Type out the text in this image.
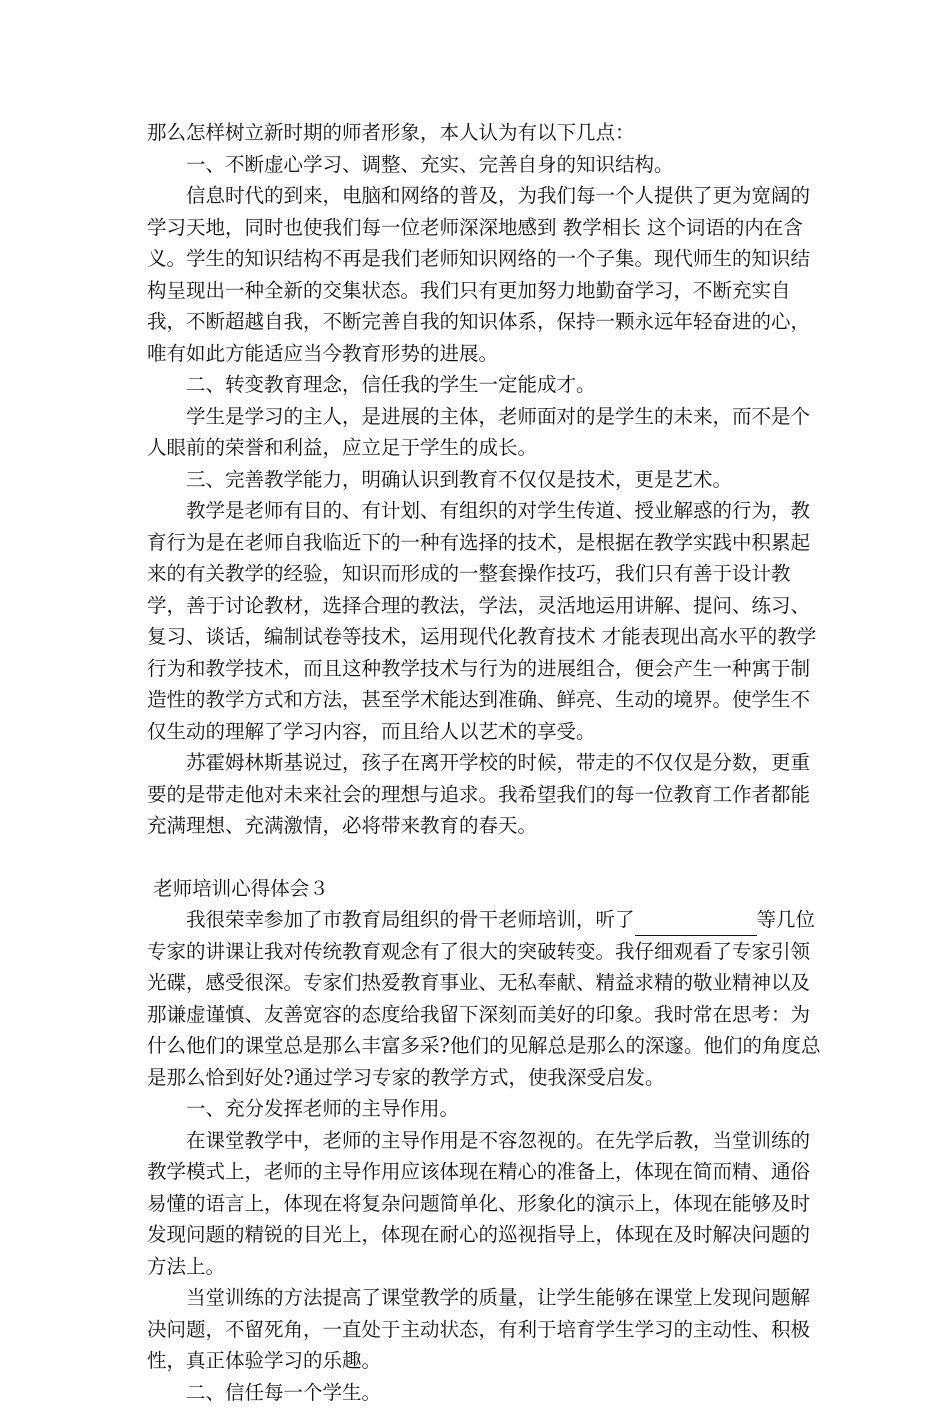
那么怎样树立新时期的师者形象，本人认为有以下几点：

一、不断虚心学习、调整、充实、完善自身的知识结构。

信息时代的到来，电脑和网络的普及，为我们每一个人提供了更为宽阔的学习天地，同时也使我们每一位老师深深地感到 教学相长 这个词语的内在含义。学生的知识结构不再是我们老师知识网络的一个子集。现代师生的知识结构呈现出一种全新的交集状态。我们只有更加努力地勤奋学习，不断充实自我，不断超越自我，不断完善自我的知识体系，保持一颗永远年轻奋进的心，唯有如此方能适应当今教育形势的进展。

二、转变教育理念，信任我的学生一定能成才。

学生是学习的主人，是进展的主体，老师面对的是学生的未来，而不是个人眼前的荣誉和利益，应立足于学生的成长。

三、完善教学能力，明确认识到教育不仅仅是技术，更是艺术。

教学是老师有目的、有计划、有组织的对学生传道、授业解惑的行为，教育行为是在老师自我临近下的一种有选择的技术，是根据在教学实践中积累起来的有关教学的经验，知识而形成的一整套操作技巧，我们只有善于设计教学，善于讨论教材，选择合理的教法，学法，灵活地运用讲解、提问、练习、复习、谈话，编制试卷等技术，运用现代化教育技术 才能表现出高水平的教学行为和教学技术，而且这种教学技术与行为的进展组合，便会产生一种寓于制造性的教学方式和方法，甚至学术能达到准确、鲜亮、生动的境界。使学生不仅生动的理解了学习内容，而且给人以艺术的享受。

苏霍姆林斯基说过，孩子在离开学校的时候，带走的不仅仅是分数，更重要的是带走他对未来社会的理想与追求。我希望我们的每一位教育工作者都能充满理想、充满激情，必将带来教育的春天。

老师培训心得体会３

我很荣幸参加了市教育局组织的骨干老师培训，听了	等几位专家的讲课让我对传统教育观念有了很大的突破转变。我仔细观看了专家引领光碟，感受很深。专家们热爱教育事业、无私奉献、精益求精的敬业精神以及那谦虚谨慎、友善宽容的态度给我留下深刻而美好的印象。我时常在思考：为什么他们的课堂总是那么丰富多采?他们的见解总是那么的深邃。他们的角度总是那么恰到好处?通过学习专家的教学方式，使我深受启发。

一、充分发挥老师的主导作用。

在课堂教学中，老师的主导作用是不容忽视的。在先学后教，当堂训练的教学模式上，老师的主导作用应该体现在精心的准备上，体现在简而精、通俗易懂的语言上，体现在将复杂问题简单化、形象化的演示上，体现在能够及时发现问题的精锐的目光上，体现在耐心的巡视指导上，体现在及时解决问题的方法上。

当堂训练的方法提高了课堂教学的质量，让学生能够在课堂上发现问题解决问题，不留死角，一直处于主动状态，有利于培育学生学习的主动性、积极性，真正体验学习的乐趣。

二、信任每一个学生。
